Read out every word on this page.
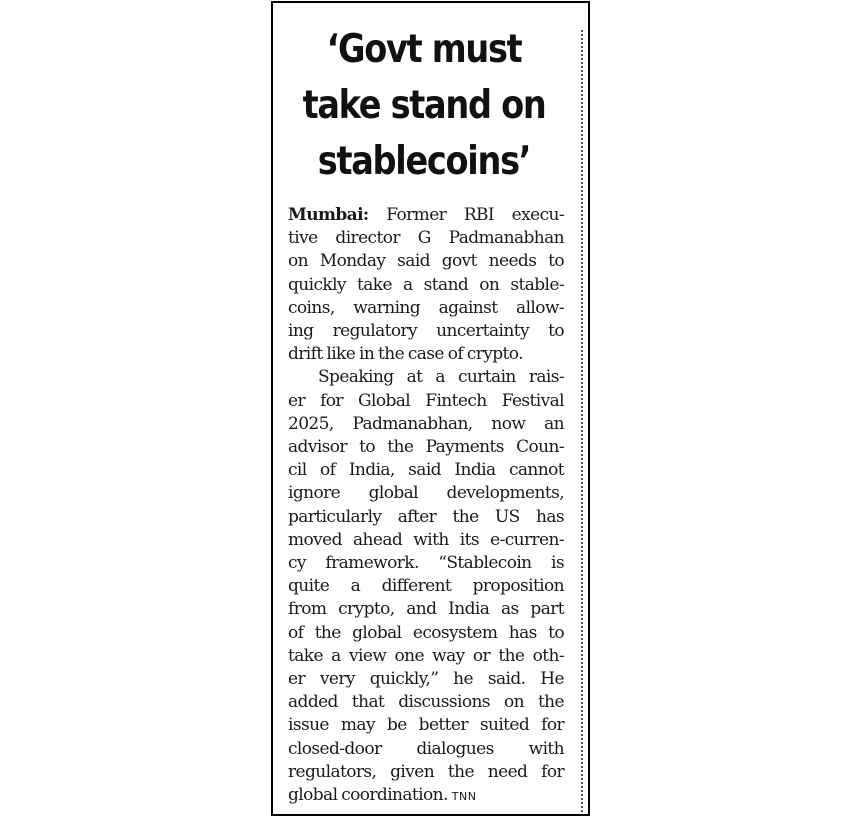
‘Govt must
take stand on
stablecoins’
Mumbai: Former RBI execu-
tive director G Padmanabhan
on Monday said govt needs to
quickly take a stand on stable-
coins, warning against allow-
ing regulatory uncertainty to
drift like in the case of crypto.
Speaking at a curtain rais-
er for Global Fintech Festival
2025, Padmanabhan, now an
advisor to the Payments Coun-
cil of India, said India cannot
ignore global developments,
particularly after the US has
moved ahead with its e-curren-
cy framework. “Stablecoin is
quite a different proposition
from crypto, and India as part
of the global ecosystem has to
take a view one way or the oth-
er very quickly,” he said. He
added that discussions on the
issue may be better suited for
closed-door dialogues with
regulators, given the need for
global coordination. TNN
